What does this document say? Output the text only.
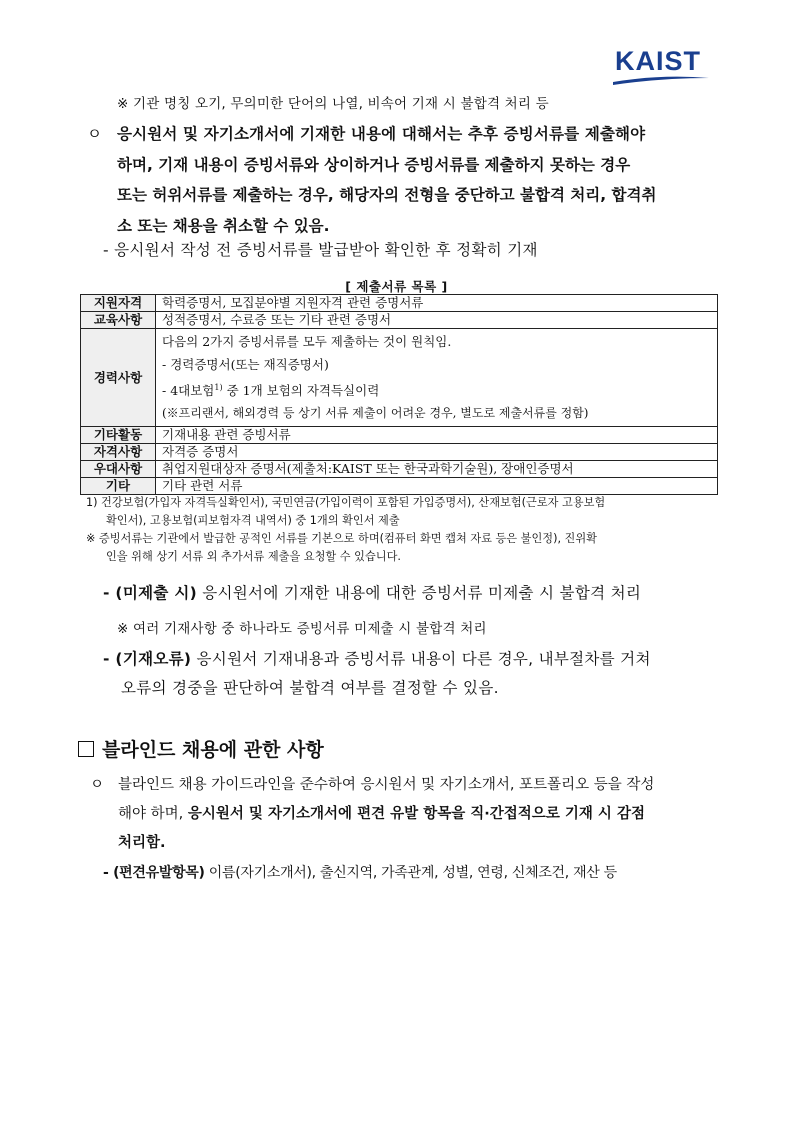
KAIST
※ 기관 명칭 오기, 무의미한 단어의 나열, 비속어 기재 시 불합격 처리 등
ㅇ 응시원서 및 자기소개서에 기재한 내용에 대해서는 추후 증빙서류를 제출해야
하며, 기재 내용이 증빙서류와 상이하거나 증빙서류를 제출하지 못하는 경우
또는 허위서류를 제출하는 경우, 해당자의 전형을 중단하고 불합격 처리, 합격취
소 또는 채용을 취소할 수 있음.
- 응시원서 작성 전 증빙서류를 발급받아 확인한 후 정확히 기재
[ 제출서류 목록 ]
지원자격	학력증명서, 모집분야별 지원자격 관련 증명서류
교육사항	성적증명서, 수료증 또는 기타 관련 증명서
경력사항	다음의 2가지 증빙서류를 모두 제출하는 것이 원칙임.
- 경력증명서(또는 재직증명서)
- 4대보험$^{1)}$ 중 1개 보험의 자격득실이력
(※프리랜서, 해외경력 등 상기 서류 제출이 어려운 경우, 별도로 제출서류를 정함)

기타활동	기재내용 관련 증빙서류
자격사항	자격증 증명서
우대사항	취업지원대상자 증명서(제출처:KAIST 또는 한국과학기술원), 장애인증명서
기타	기타 관련 서류
1) 건강보험(가입자 자격득실확인서), 국민연금(가입이력이 포함된 가입증명서), 산재보험(근로자 고용보험
확인서), 고용보험(피보험자격 내역서) 중 1개의 확인서 제출
※ 증빙서류는 기관에서 발급한 공적인 서류를 기본으로 하며(컴퓨터 화면 캡쳐 자료 등은 불인정), 진위확
인을 위해 상기 서류 외 추가서류 제출을 요청할 수 있습니다.
- (미제출 시) 응시원서에 기재한 내용에 대한 증빙서류 미제출 시 불합격 처리
※ 여러 기재사항 중 하나라도 증빙서류 미제출 시 불합격 처리
- (기재오류) 응시원서 기재내용과 증빙서류 내용이 다른 경우, 내부절차를 거쳐
오류의 경중을 판단하여 불합격 여부를 결정할 수 있음.
블라인드 채용에 관한 사항
ㅇ 블라인드 채용 가이드라인을 준수하여 응시원서 및 자기소개서, 포트폴리오 등을 작성
해야 하며, 응시원서 및 자기소개서에 편견 유발 항목을 직·간접적으로 기재 시 감점
처리함.
- (편견유발항목) 이름(자기소개서), 출신지역, 가족관계, 성별, 연령, 신체조건, 재산 등
